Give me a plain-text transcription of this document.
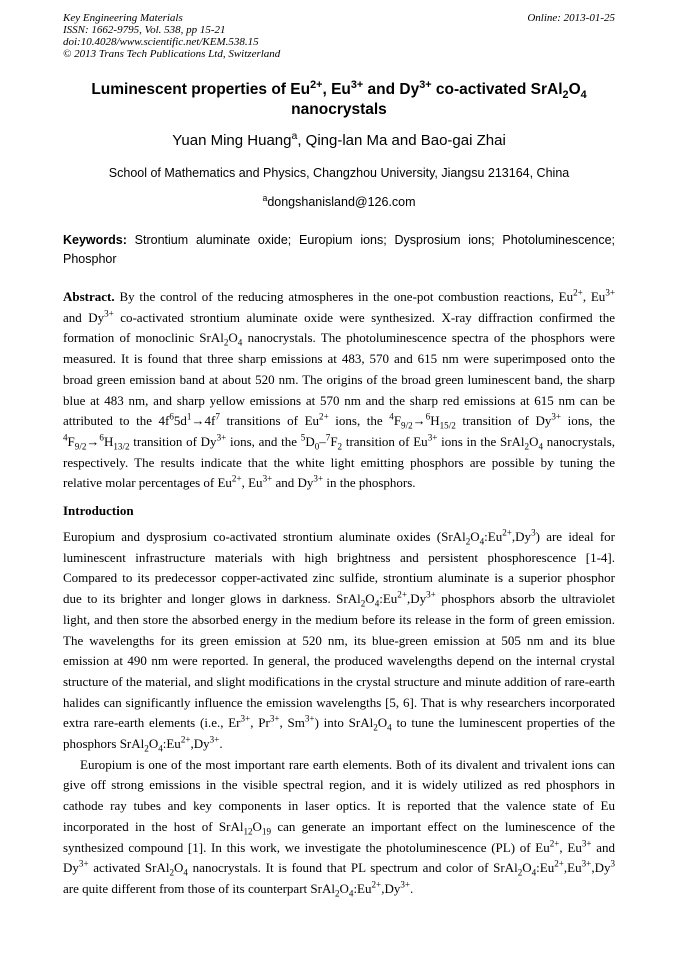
Key Engineering Materials
ISSN: 1662-9795, Vol. 538, pp 15-21
doi:10.4028/www.scientific.net/KEM.538.15
© 2013 Trans Tech Publications Ltd, Switzerland
Online: 2013-01-25
Luminescent properties of $Eu^{2+}$, $Eu^{3+}$ and $Dy^{3+}$ co-activated $SrAl_2O_4$
nanocrystals
Yuan Ming Huang$^a$, Qing-lan Ma and Bao-gai Zhai
School of Mathematics and Physics, Changzhou University, Jiangsu 213164, China
$^a$dongshanisland@126.com
Keywords: Strontium aluminate oxide; Europium ions; Dysprosium ions; Photoluminescence; Phosphor
Abstract. By the control of the reducing atmospheres in the one-pot combustion reactions, $Eu^{2+}$, $Eu^{3+}$ and $Dy^{3+}$ co-activated strontium aluminate oxide were synthesized. X-ray diffraction confirmed the formation of monoclinic $SrAl_2O_4$ nanocrystals. The photoluminescence spectra of the phosphors were measured. It is found that three sharp emissions at 483, 570 and 615 nm were superimposed onto the broad green emission band at about 520 nm. The origins of the broad green luminescent band, the sharp blue at 483 nm, and sharp yellow emissions at 570 nm and the sharp red emissions at 615 nm can be attributed to the $4f^65d^1\to 4f^7$ transitions of $Eu^{2+}$ ions, the $^4F_{9/2}\to^6H_{15/2}$ transition of $Dy^{3+}$ ions, the $^4F_{9/2}\to^6H_{13/2}$ transition of $Dy^{3+}$ ions, and the $^5D_0-^7F_2$ transition of $Eu^{3+}$ ions in the $SrAl_2O_4$ nanocrystals, respectively. The results indicate that the white light emitting phosphors are possible by tuning the relative molar percentages of $Eu^{2+}$, $Eu^{3+}$ and $Dy^{3+}$ in the phosphors.
Introduction

Europium and dysprosium co-activated strontium aluminate oxides $(SrAl_2O_4:Eu^{2+},Dy^3)$ are ideal for luminescent infrastructure materials with high brightness and persistent phosphorescence [1-4]. Compared to its predecessor copper-activated zinc sulfide, strontium aluminate is a superior phosphor due to its brighter and longer glows in darkness. $SrAl_2O_4:Eu^{2+},Dy^{3+}$ phosphors absorb the ultraviolet light, and then store the absorbed energy in the medium before its release in the form of green emission. The wavelengths for its green emission at 520 nm, its blue-green emission at 505 nm and its blue emission at 490 nm were reported. In general, the produced wavelengths depend on the internal crystal structure of the material, and slight modifications in the crystal structure and minute addition of rare-earth halides can significantly influence the emission wavelengths [5, 6]. That is why researchers incorporated extra rare-earth elements (i.e., $Er^{3+}$, $Pr^{3+}$, $Sm^{3+}$) into $SrAl_2O_4$ to tune the luminescent properties of the phosphors $SrAl_2O_4:Eu^{2+},Dy^{3+}$.

Europium is one of the most important rare earth elements. Both of its divalent and trivalent ions can give off strong emissions in the visible spectral region, and it is widely utilized as red phosphors in cathode ray tubes and key components in laser optics. It is reported that the valence state of Eu incorporated in the host of $SrAl_{12}O_{19}$ can generate an important effect on the luminescence of the synthesized compound [1]. In this work, we investigate the photoluminescence (PL) of $Eu^{2+}$, $Eu^{3+}$ and $Dy^{3+}$ activated $SrAl_2O_4$ nanocrystals. It is found that PL spectrum and color of $SrAl_2O_4:Eu^{2+},Eu^{3+},Dy^3$ are quite different from those of its counterpart $SrAl_2O_4:Eu^{2+},Dy^{3+}$.
